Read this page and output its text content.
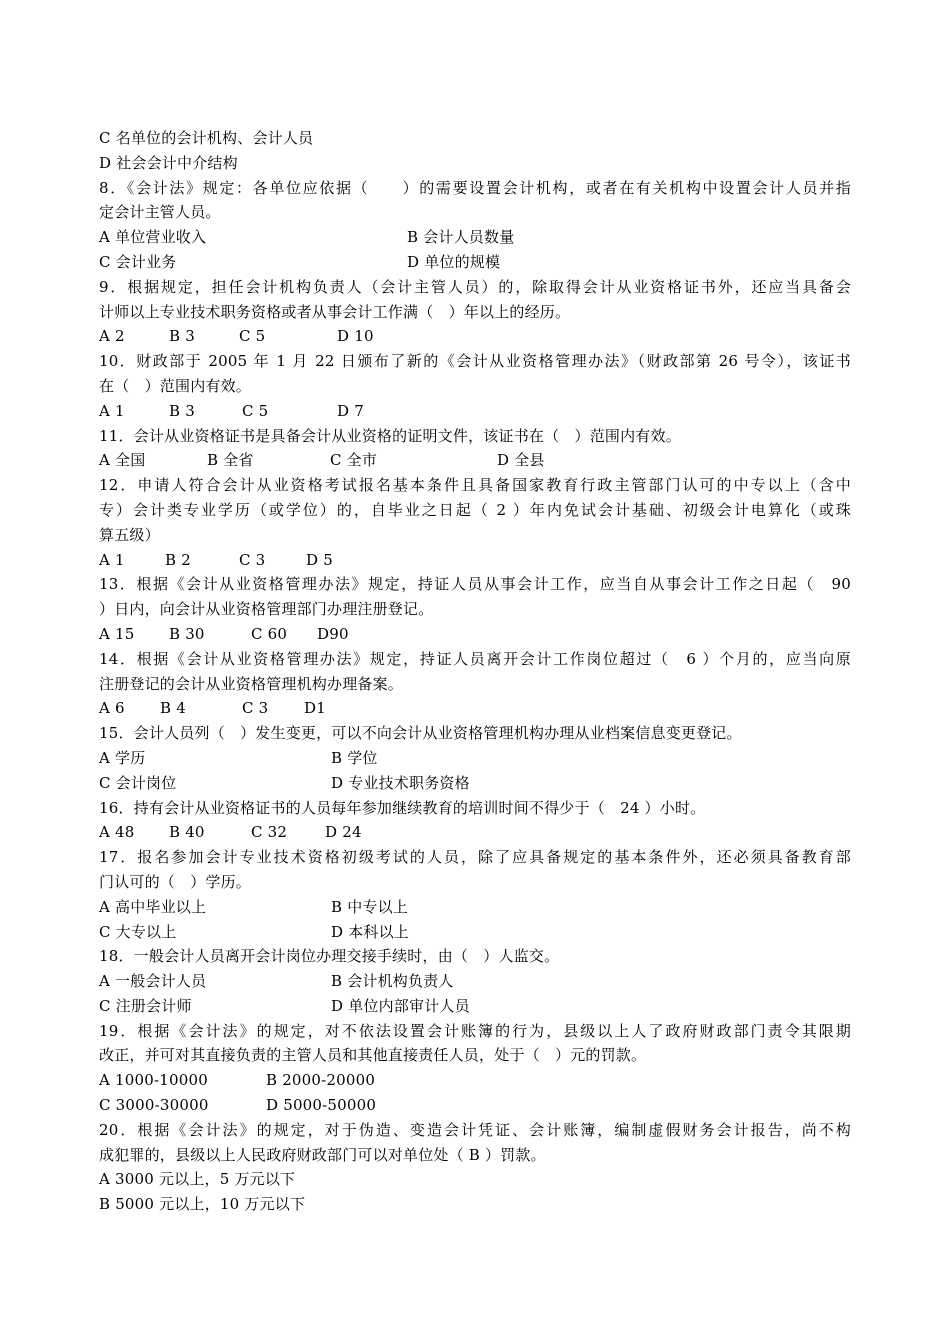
C 名单位的会计机构、会计人员
D 社会会计中介结构
8．《会计法》规定：各单位应依据（　　）的需要设置会计机构，或者在有关机构中设置会计人员并指
定会计主管人员。
A 单位营业收入	B 会计人员数量
C 会计业务	D 单位的规模
9．根据规定，担任会计机构负责人（会计主管人员）的，除取得会计从业资格证书外，还应当具备会
计师以上专业技术职务资格或者从事会计工作满（　）年以上的经历。
A 2	B 3	C 5	D 10
10．财政部于 2005 年 1 月 22 日颁布了新的《会计从业资格管理办法》（财政部第 26 号令），该证书
在（　）范围内有效。
A 1	B 3	C 5	D 7
11．会计从业资格证书是具备会计从业资格的证明文件，该证书在（　）范围内有效。
A 全国	B 全省	C 全市	D 全县
12．申请人符合会计从业资格考试报名基本条件且具备国家教育行政主管部门认可的中专以上（含中
专）会计类专业学历（或学位）的，自毕业之日起（ 2 ）年内免试会计基础、初级会计电算化（或珠
算五级）
A 1	B 2	C 3	D 5
13．根据《会计从业资格管理办法》规定，持证人员从事会计工作，应当自从事会计工作之日起（　90
）日内，向会计从业资格管理部门办理注册登记。
A 15 B 30	C 60 D90
14．根据《会计从业资格管理办法》规定，持证人员离开会计工作岗位超过（　6 ）个月的，应当向原
注册登记的会计从业资格管理机构办理备案。
A 6 B 4	C 3 D1
15．会计人员列（　）发生变更，可以不向会计从业资格管理机构办理从业档案信息变更登记。
A 学历	B 学位
C 会计岗位	D 专业技术职务资格
16．持有会计从业资格证书的人员每年参加继续教育的培训时间不得少于（　24 ）小时。
A 48 B 40	C 32	D 24
17．报名参加会计专业技术资格初级考试的人员，除了应具备规定的基本条件外，还必须具备教育部
门认可的（　）学历。
A 高中毕业以上	B 中专以上
C 大专以上	D 本科以上
18．一般会计人员离开会计岗位办理交接手续时，由（　）人监交。
A 一般会计人员	B 会计机构负责人
C 注册会计师	D 单位内部审计人员
19．根据《会计法》的规定，对不依法设置会计账簿的行为，县级以上人了政府财政部门责令其限期
改正，并可对其直接负责的主管人员和其他直接责任人员，处于（　）元的罚款。
A 1000-10000	B 2000-20000
C 3000-30000	D 5000-50000
20．根据《会计法》的规定，对于伪造、变造会计凭证、会计账簿，编制虚假财务会计报告，尚不构
成犯罪的，县级以上人民政府财政部门可以对单位处（ B ）罚款。
A 3000 元以上，5 万元以下
B 5000 元以上，10 万元以下
